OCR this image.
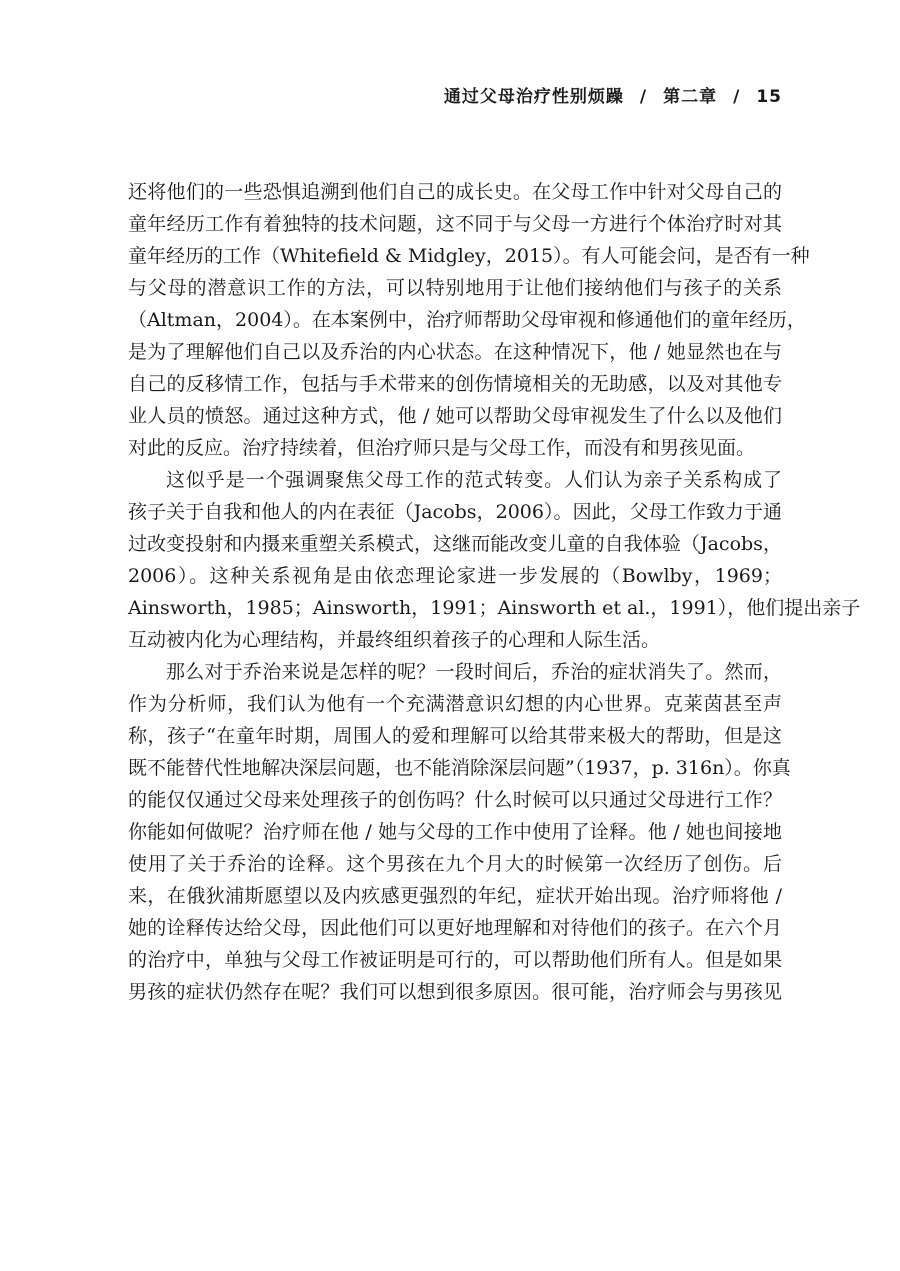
通过父母治疗性别烦躁 / 第二章 / 15
还将他们的一些恐惧追溯到他们自己的成长史。在父母工作中针对父母自己的
童年经历工作有着独特的技术问题，这不同于与父母一方进行个体治疗时对其
童年经历的工作（Whitefield & Midgley，2015）。有人可能会问，是否有一种
与父母的潜意识工作的方法，可以特别地用于让他们接纳他们与孩子的关系
（Altman，2004）。在本案例中，治疗师帮助父母审视和修通他们的童年经历，
是为了理解他们自己以及乔治的内心状态。在这种情况下，他 / 她显然也在与
自己的反移情工作，包括与手术带来的创伤情境相关的无助感，以及对其他专
业人员的愤怒。通过这种方式，他 / 她可以帮助父母审视发生了什么以及他们
对此的反应。治疗持续着，但治疗师只是与父母工作，而没有和男孩见面。
这似乎是一个强调聚焦父母工作的范式转变。人们认为亲子关系构成了
孩子关于自我和他人的内在表征（Jacobs，2006）。因此，父母工作致力于通
过改变投射和内摄来重塑关系模式，这继而能改变儿童的自我体验（Jacobs，
2006）。这种关系视角是由依恋理论家进一步发展的（Bowlby，1969；
Ainsworth，1985；Ainsworth，1991；Ainsworth et al.，1991），他们提出亲子
互动被内化为心理结构，并最终组织着孩子的心理和人际生活。
那么对于乔治来说是怎样的呢？一段时间后，乔治的症状消失了。然而，
作为分析师，我们认为他有一个充满潜意识幻想的内心世界。克莱茵甚至声
称，孩子“在童年时期，周围人的爱和理解可以给其带来极大的帮助，但是这
既不能替代性地解决深层问题，也不能消除深层问题”（1937，p. 316n）。你真
的能仅仅通过父母来处理孩子的创伤吗？什么时候可以只通过父母进行工作？
你能如何做呢？治疗师在他 / 她与父母的工作中使用了诠释。他 / 她也间接地
使用了关于乔治的诠释。这个男孩在九个月大的时候第一次经历了创伤。后
来，在俄狄浦斯愿望以及内疚感更强烈的年纪，症状开始出现。治疗师将他 /
她的诠释传达给父母，因此他们可以更好地理解和对待他们的孩子。在六个月
的治疗中，单独与父母工作被证明是可行的，可以帮助他们所有人。但是如果
男孩的症状仍然存在呢？我们可以想到很多原因。很可能，治疗师会与男孩见
